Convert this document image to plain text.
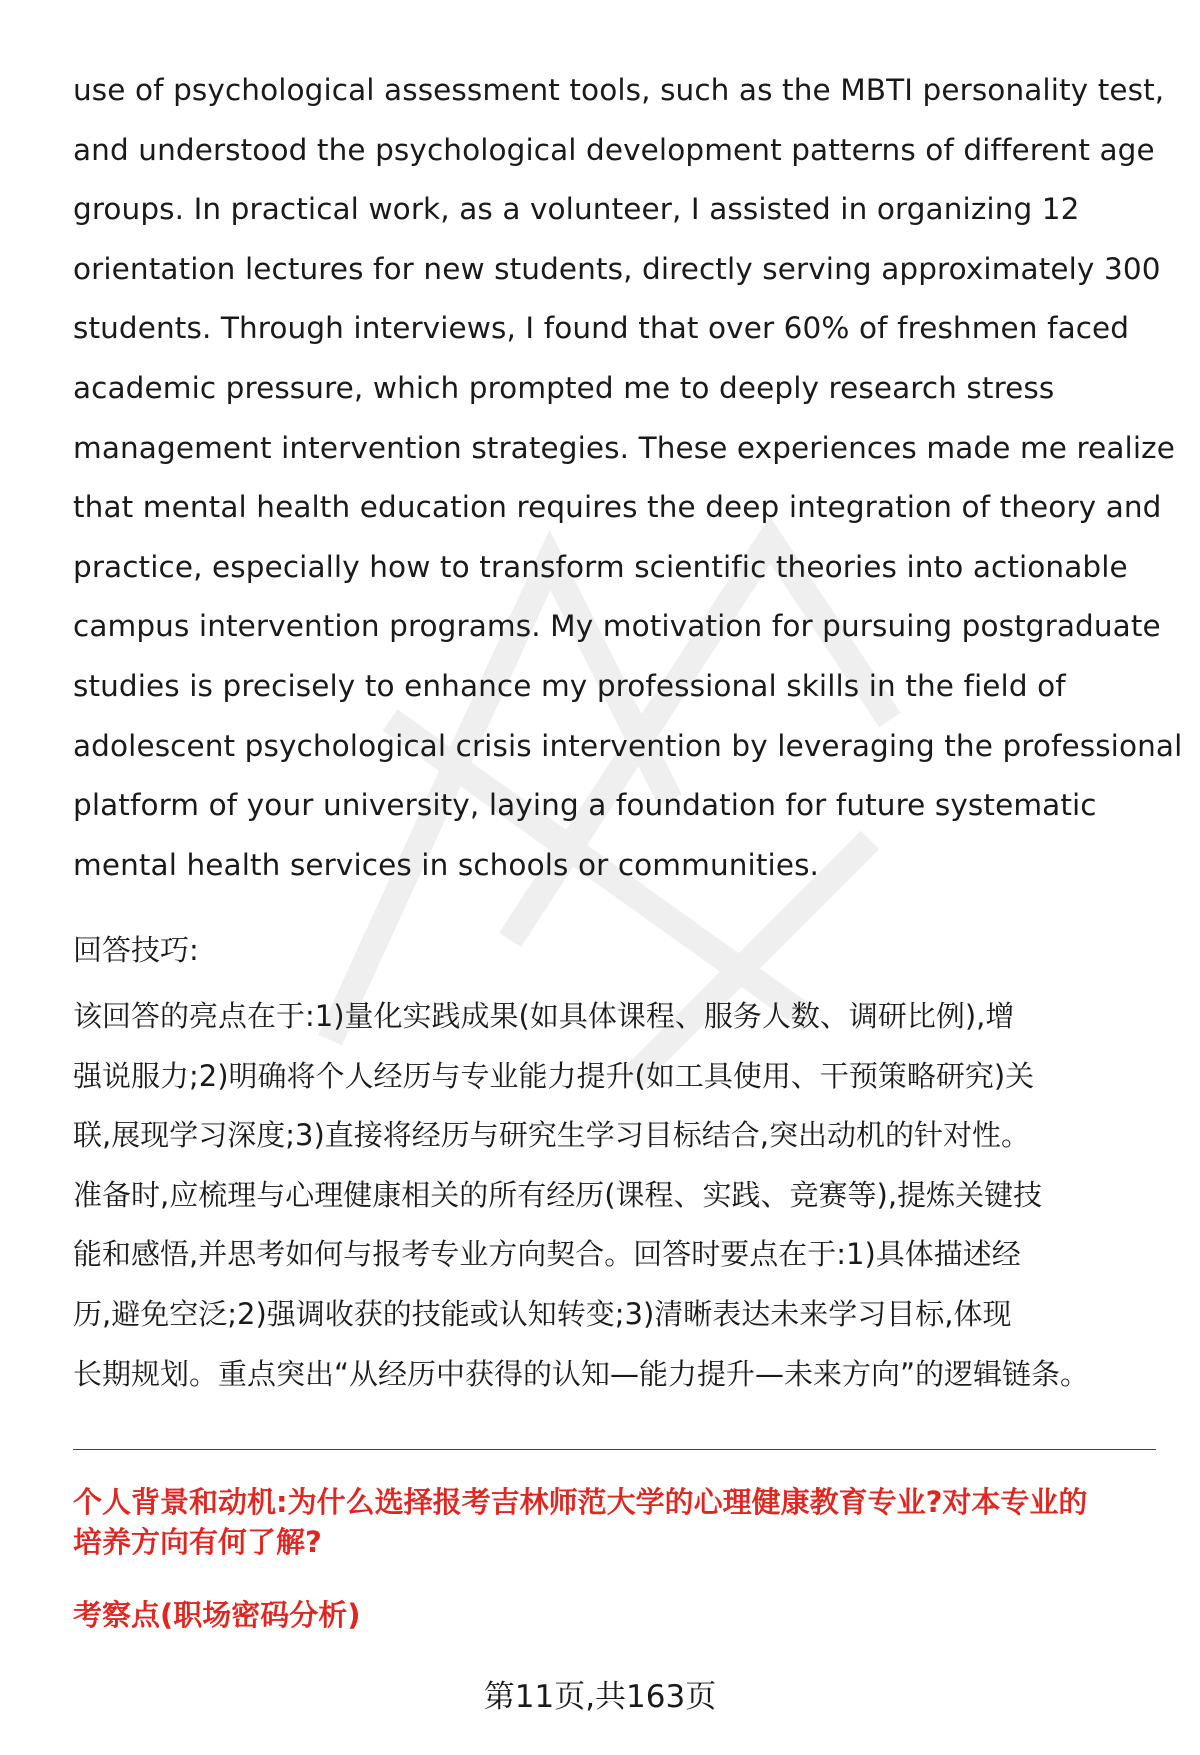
use of psychological assessment tools, such as the MBTI personality test,
and understood the psychological development patterns of different age
groups. In practical work, as a volunteer, I assisted in organizing 12
orientation lectures for new students, directly serving approximately 300
students. Through interviews, I found that over 60% of freshmen faced
academic pressure, which prompted me to deeply research stress
management intervention strategies. These experiences made me realize
that mental health education requires the deep integration of theory and
practice, especially how to transform scientific theories into actionable
campus intervention programs. My motivation for pursuing postgraduate
studies is precisely to enhance my professional skills in the field of
adolescent psychological crisis intervention by leveraging the professional
platform of your university, laying a foundation for future systematic
mental health services in schools or communities.
回答技巧:
该回答的亮点在于:1)量化实践成果(如具体课程、服务人数、调研比例),增
强说服力;2)明确将个人经历与专业能力提升(如工具使用、干预策略研究)关
联,展现学习深度;3)直接将经历与研究生学习目标结合,突出动机的针对性。
准备时,应梳理与心理健康相关的所有经历(课程、实践、竞赛等),提炼关键技
能和感悟,并思考如何与报考专业方向契合。回答时要点在于:1)具体描述经
历,避免空泛;2)强调收获的技能或认知转变;3)清晰表达未来学习目标,体现
长期规划。重点突出“从经历中获得的认知—能力提升—未来方向”的逻辑链条。
个人背景和动机:为什么选择报考吉林师范大学的心理健康教育专业?对本专业的
培养方向有何了解?
考察点(职场密码分析)
第11页,共163页
